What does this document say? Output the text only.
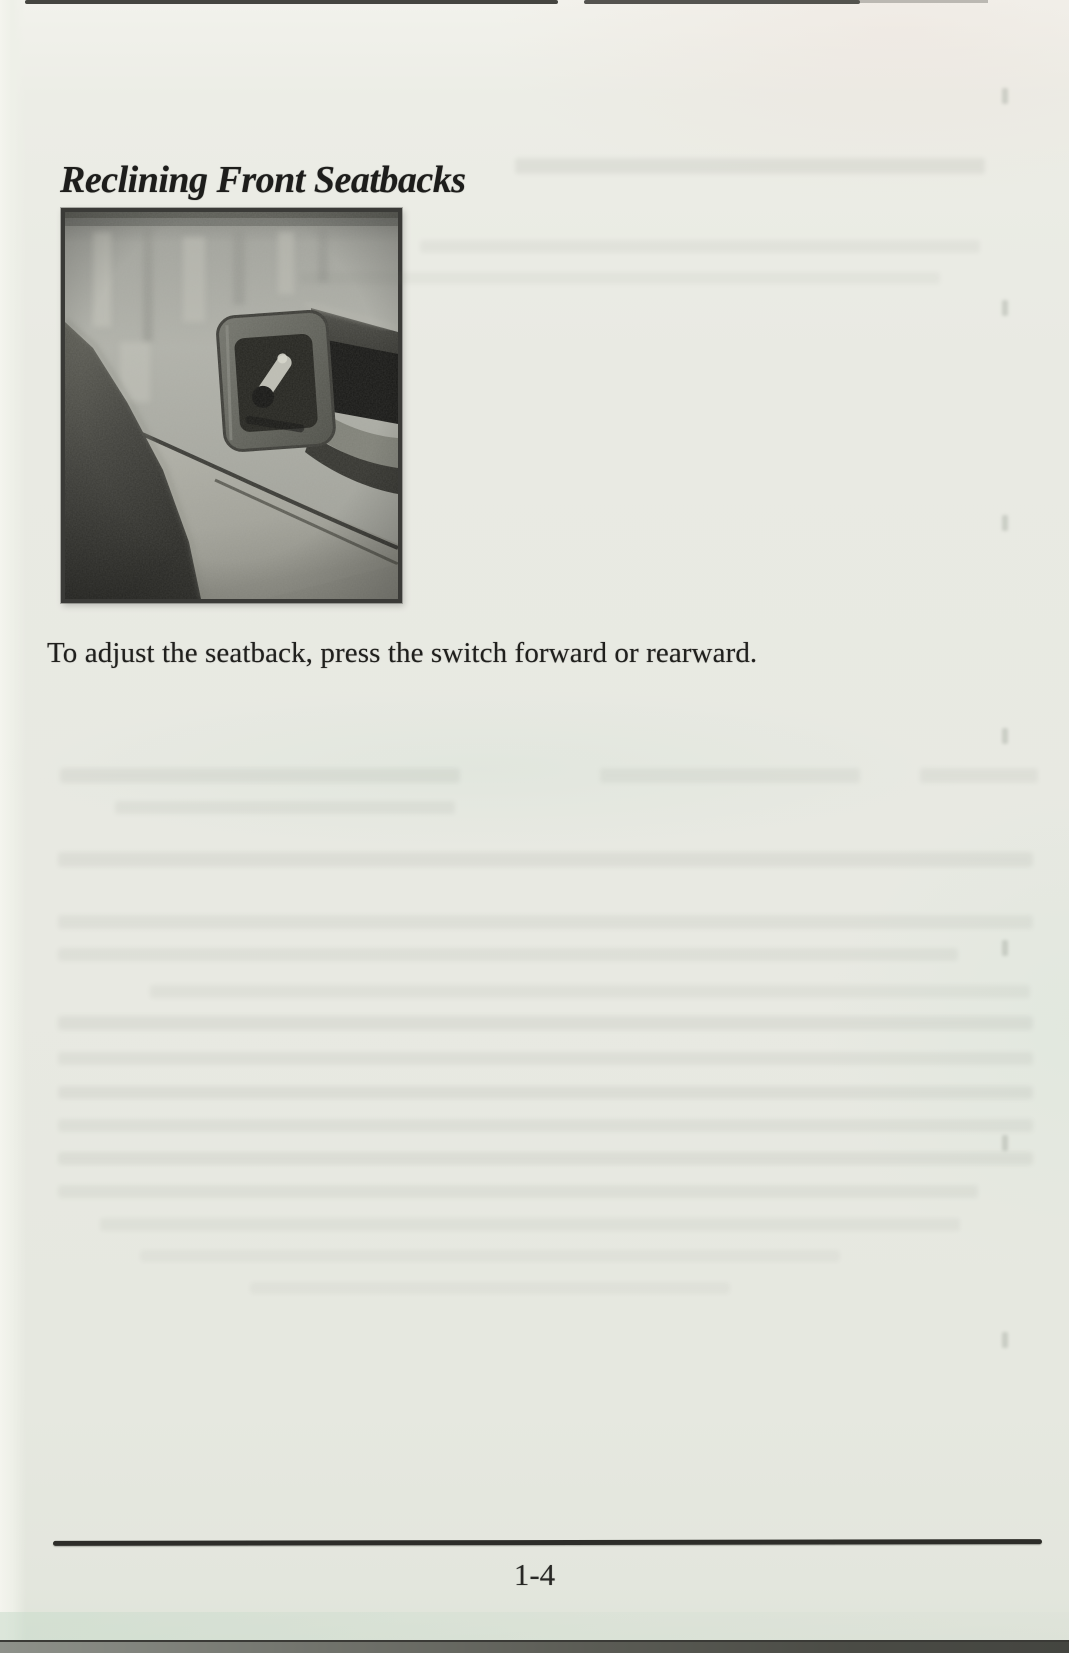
Reclining Front Seatbacks

To adjust the seatback, press the switch forward or rearward.

1-4
